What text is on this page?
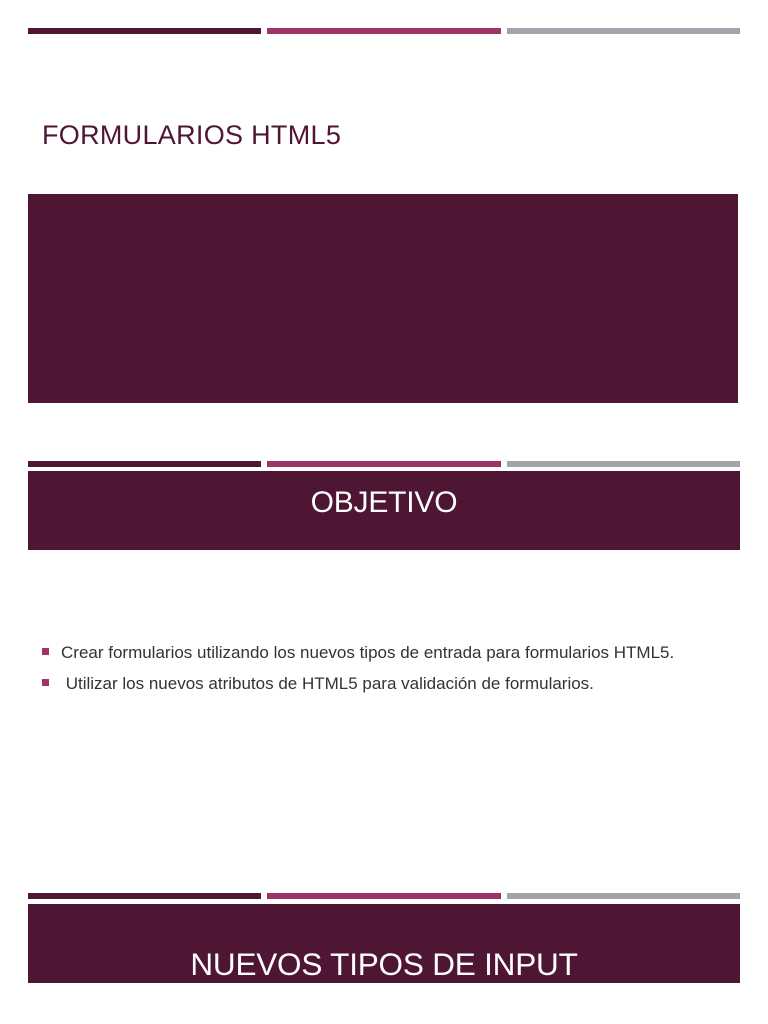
FORMULARIOS HTML5
OBJETIVO
Crear formularios utilizando los nuevos tipos de entrada para formularios HTML5.
Utilizar los nuevos atributos de HTML5 para validación de formularios.
NUEVOS TIPOS DE INPUT
